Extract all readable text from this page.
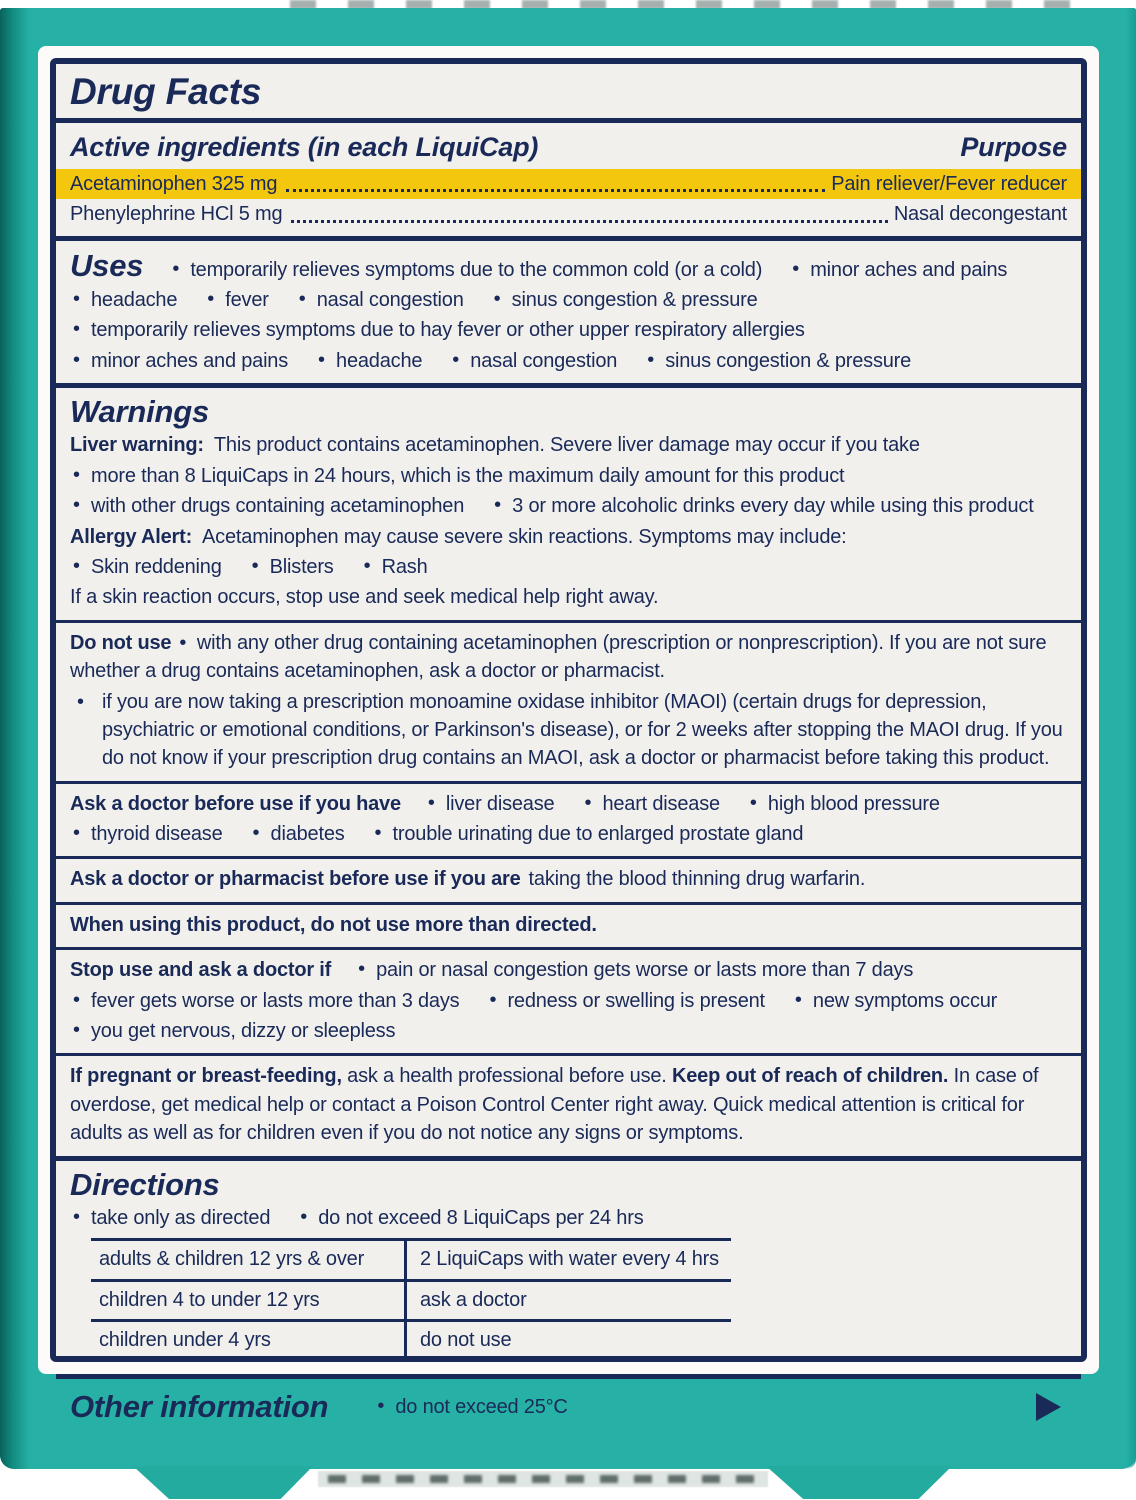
Drug Facts
Active ingredients (in each LiquiCap)	Purpose
Acetaminophen 325 mg	Pain reliever/Fever reducer
Phenylephrine HCl 5 mg	Nasal decongestant
Uses • temporarily relieves symptoms due to the common cold (or a cold) • minor aches and pains
• headache • fever • nasal congestion • sinus congestion & pressure
• temporarily relieves symptoms due to hay fever or other upper respiratory allergies
• minor aches and pains • headache • nasal congestion • sinus congestion & pressure
Warnings
Liver warning: This product contains acetaminophen. Severe liver damage may occur if you take
• more than 8 LiquiCaps in 24 hours, which is the maximum daily amount for this product
• with other drugs containing acetaminophen • 3 or more alcoholic drinks every day while using this product
Allergy Alert: Acetaminophen may cause severe skin reactions. Symptoms may include:
• Skin reddening • Blisters • Rash
If a skin reaction occurs, stop use and seek medical help right away.
Do not use •  with any other drug containing acetaminophen (prescription or nonprescription). If you are not sure whether a drug contains acetaminophen, ask a doctor or pharmacist.
• if you are now taking a prescription monoamine oxidase inhibitor (MAOI) (certain drugs for depression, psychiatric or emotional conditions, or Parkinson's disease), or for 2 weeks after stopping the MAOI drug. If you do not know if your prescription drug contains an MAOI, ask a doctor or pharmacist before taking this product.
Ask a doctor before use if you have • liver disease • heart disease • high blood pressure
• thyroid disease • diabetes • trouble urinating due to enlarged prostate gland
Ask a doctor or pharmacist before use if you are taking the blood thinning drug warfarin.
When using this product, do not use more than directed.
Stop use and ask a doctor if • pain or nasal congestion gets worse or lasts more than 7 days
• fever gets worse or lasts more than 3 days • redness or swelling is present • new symptoms occur
• you get nervous, dizzy or sleepless
If pregnant or breast-feeding, ask a health professional before use. Keep out of reach of children. In case of overdose, get medical help or contact a Poison Control Center right away. Quick medical attention is critical for adults as well as for children even if you do not notice any signs or symptoms.
Directions
• take only as directed • do not exceed 8 LiquiCaps per 24 hrs
adults & children 12 yrs & over	2 LiquiCaps with water every 4 hrs
children 4 to under 12 yrs	ask a doctor
children under 4 yrs	do not use
Other information	• do not exceed 25°C
